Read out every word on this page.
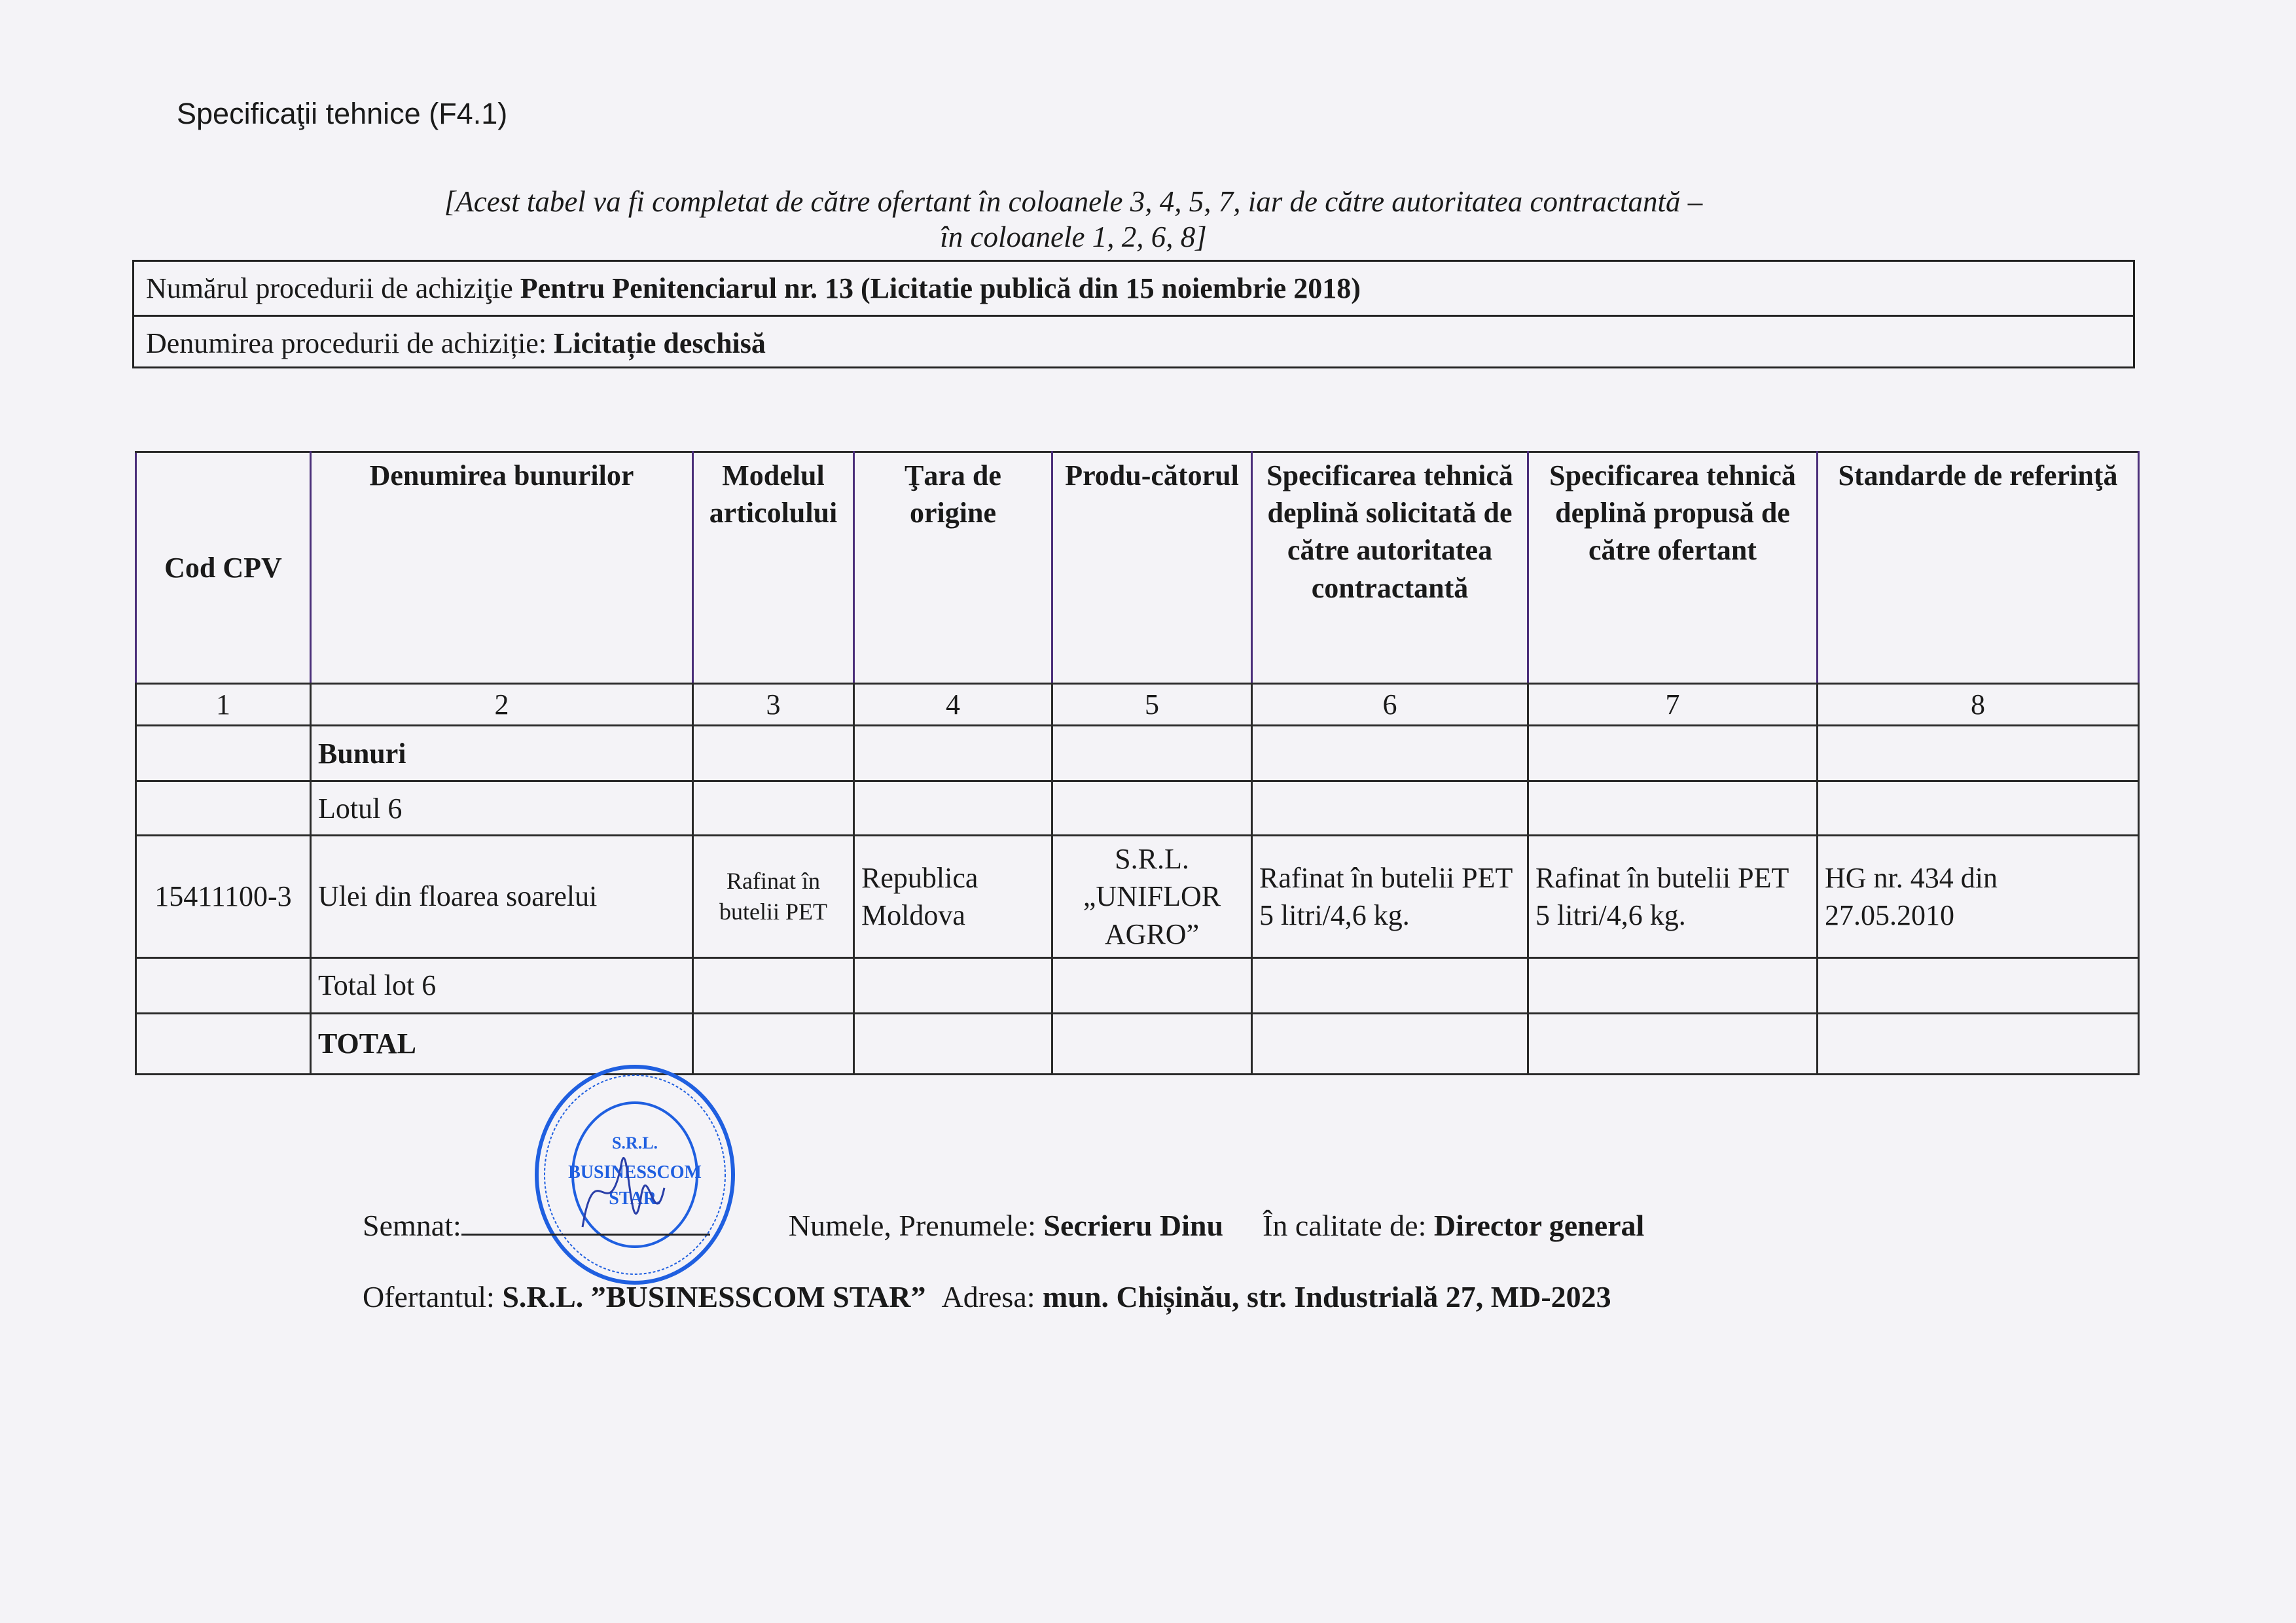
Specificaţii tehnice (F4.1)
[Acest tabel va fi completat de către ofertant în coloanele 3, 4, 5, 7, iar de către autoritatea contractantă –
în coloanele 1, 2, 6, 8]
Numărul procedurii de achiziţie Pentru Penitenciarul nr. 13 (Licitatie publică din 15 noiembrie 2018)
Denumirea procedurii de achiziție: Licitație deschisă
Cod CPV	Denumirea bunurilor	Modelul articolului	Ţara de origine	Produ-cătorul	Specificarea tehnică deplină solicitată de către autoritatea contractantă	Specificarea tehnică deplină propusă de către ofertant	Standarde de referinţă
1	2	3	4	5	6	7	8
	Bunuri						
	Lotul 6						
15411100-3	Ulei din floarea soarelui	Rafinat în butelii PET	Republica Moldova	S.R.L. „UNIFLOR AGRO”	Rafinat în butelii PET 5 litri/4,6 kg.	Rafinat în butelii PET 5 litri/4,6 kg.	HG nr. 434 din 27.05.2010
	Total lot 6						
	TOTAL						
S.R.L.
BUSINESSCOM
STAR.
Semnat:	Numele, Prenumele: Secrieru Dinu În calitate de: Director general
Ofertantul: S.R.L. ”BUSINESSCOM STAR” Adresa: mun. Chișinău, str. Industrială 27, MD-2023
